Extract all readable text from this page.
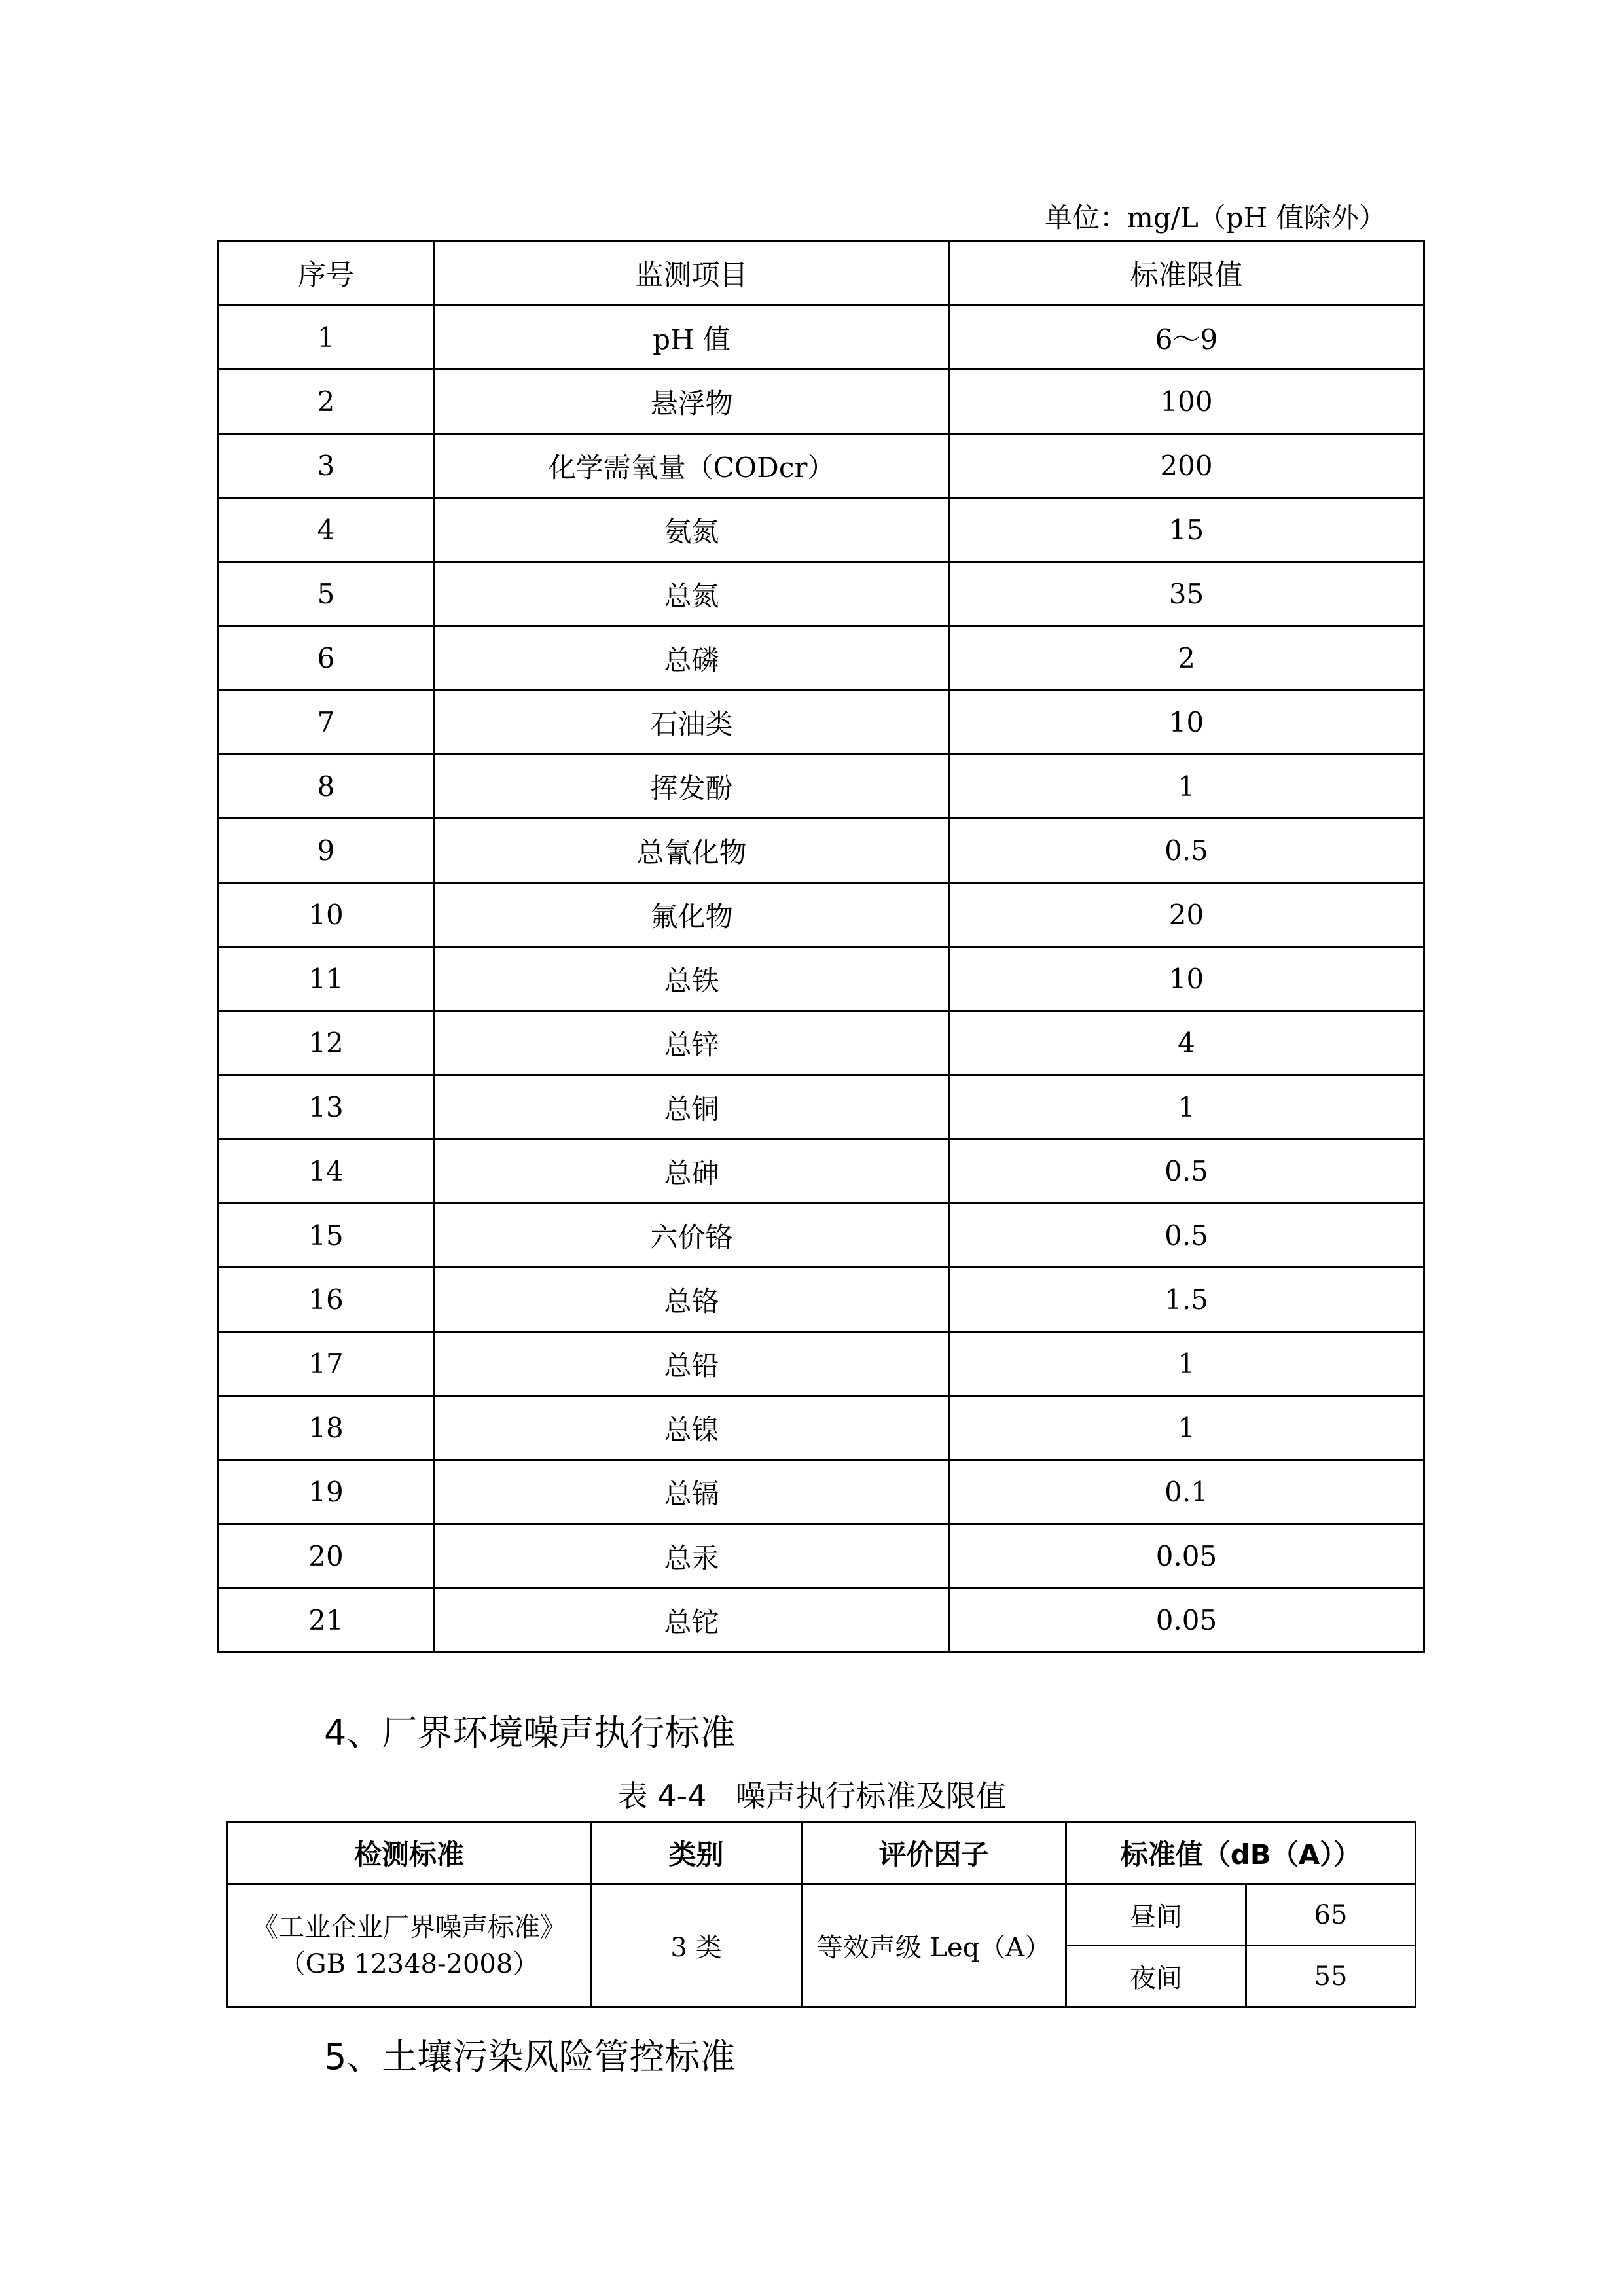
单位：mg/L（pH 值除外）
序号	监测项目	标准限值
1	pH 值	6～9
2	悬浮物	100
3	化学需氧量（CODcr）	200
4	氨氮	15
5	总氮	35
6	总磷	2
7	石油类	10
8	挥发酚	1
9	总氰化物	0.5
10	氟化物	20
11	总铁	10
12	总锌	4
13	总铜	1
14	总砷	0.5
15	六价铬	0.5
16	总铬	1.5
17	总铅	1
18	总镍	1
19	总镉	0.1
20	总汞	0.05
21	总铊	0.05
4、厂界环境噪声执行标准
表 4-4 噪声执行标准及限值
检测标准	类别	评价因子	标准值（dB（A））	

《工业企业厂界噪声标准》
（GB 12348-2008）	3 类	等效声级 Leq（A）	昼间	65
			夜间	55
5、土壤污染风险管控标准
